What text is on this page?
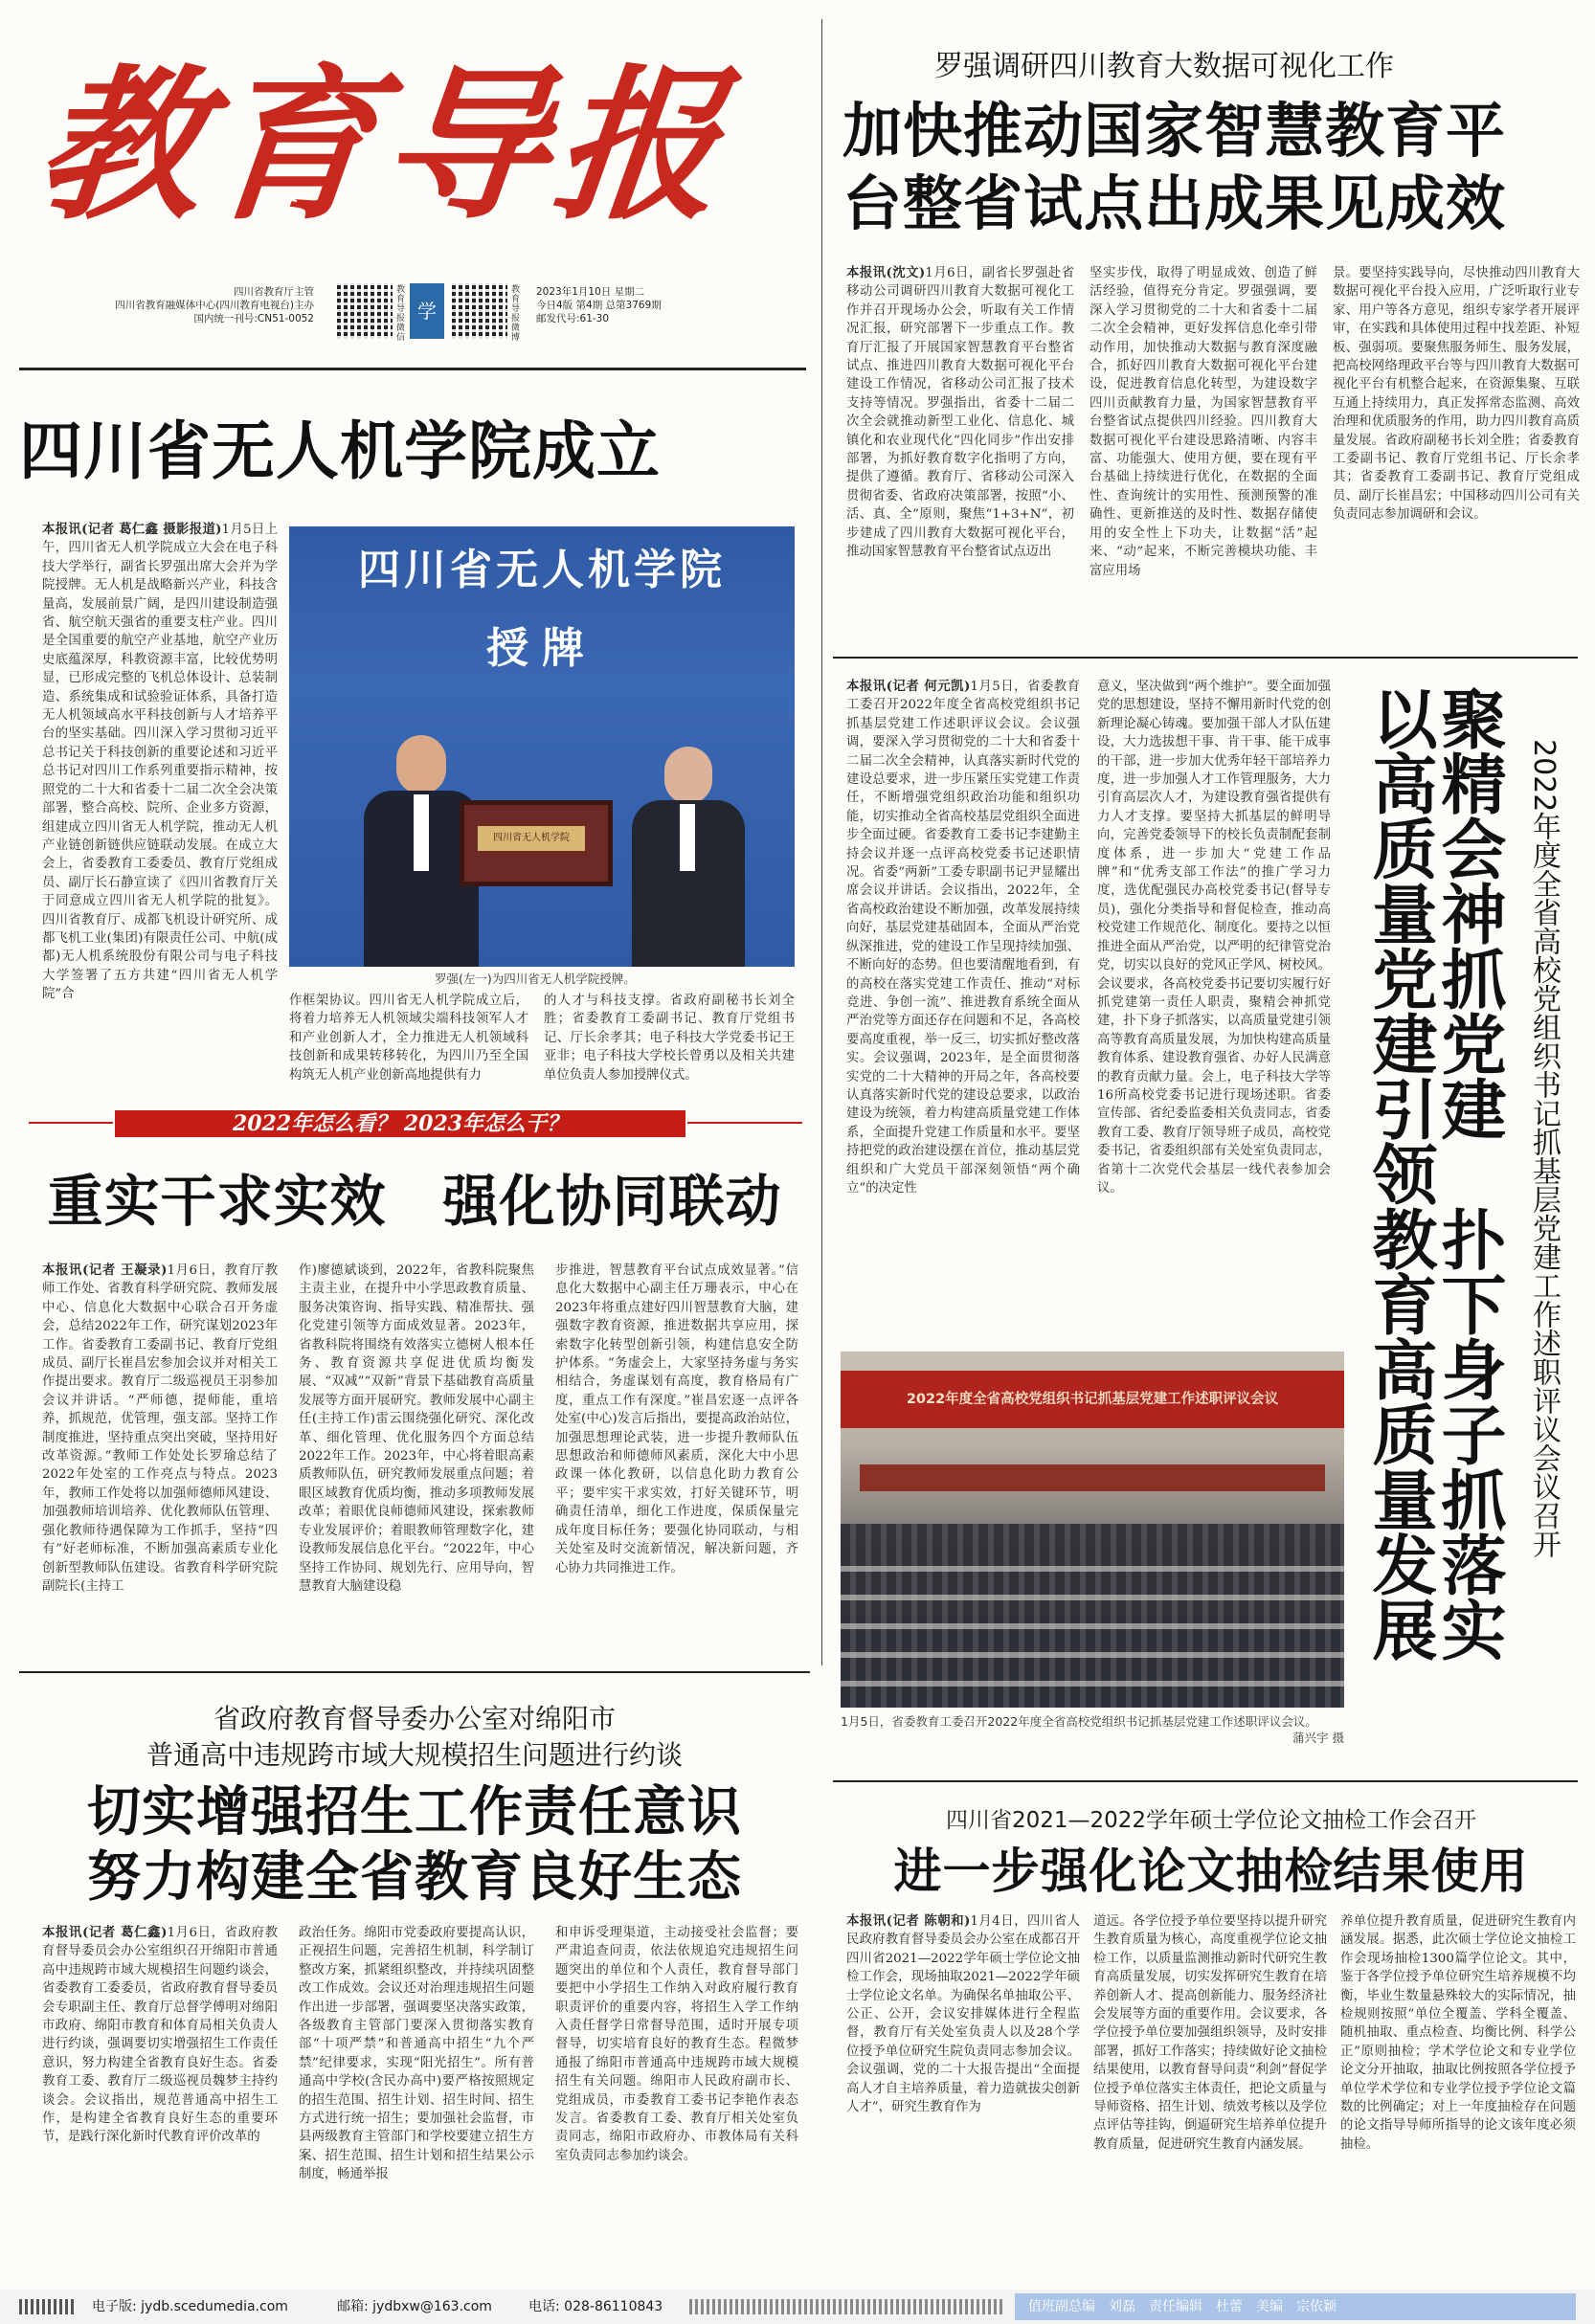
教育导报
四川省教育厅主管
四川省教育融媒体中心(四川教育电视台)主办
国内统一刊号:CN51-0052
教育导报微信
学
教育导报微博
2023年1月10日 星期二
今日4版 第4期 总第3769期
邮发代号:61-30
罗强调研四川教育大数据可视化工作
加快推动国家智慧教育平
台整省试点出成果见成效

本报讯(沈文)1月6日，副省长罗强赴省移动公司调研四川教育大数据可视化工作并召开现场办公会，听取有关工作情况汇报，研究部署下一步重点工作。教育厅汇报了开展国家智慧教育平台整省试点、推进四川教育大数据可视化平台建设工作情况，省移动公司汇报了技术支持等情况。罗强指出，省委十二届二次全会就推动新型工业化、信息化、城镇化和农业现代化“四化同步”作出安排部署，为抓好教育数字化指明了方向，提供了遵循。教育厅、省移动公司深入贯彻省委、省政府决策部署，按照“小、活、真、全”原则，聚焦“1+3+N”，初步建成了四川教育大数据可视化平台，推动国家智慧教育平台整省试点迈出

坚实步伐，取得了明显成效、创造了鲜活经验，值得充分肯定。罗强强调，要深入学习贯彻党的二十大和省委十二届二次全会精神，更好发挥信息化牵引带动作用，加快推动大数据与教育深度融合，抓好四川教育大数据可视化平台建设，促进教育信息化转型，为建设数字四川贡献教育力量，为国家智慧教育平台整省试点提供四川经验。四川教育大数据可视化平台建设思路清晰、内容丰富、功能强大、使用方便，要在现有平台基础上持续进行优化，在数据的全面性、查询统计的实用性、预测预警的准确性、更新推送的及时性、数据存储使用的安全性上下功夫，让数据“活”起来、“动”起来，不断完善模块功能、丰富应用场

景。要坚持实践导向，尽快推动四川教育大数据可视化平台投入应用，广泛听取行业专家、用户等各方意见，组织专家学者开展评审，在实践和具体使用过程中找差距、补短板、强弱项。要聚焦服务师生、服务发展，把高校网络理政平台等与四川教育大数据可视化平台有机整合起来，在资源集聚、互联互通上持续用力，真正发挥常态监测、高效治理和优质服务的作用，助力四川教育高质量发展。省政府副秘书长刘全胜；省委教育工委副书记、教育厅党组书记、厅长余孝其；省委教育工委副书记、教育厅党组成员、副厅长崔昌宏；中国移动四川公司有关负责同志参加调研和会议。

四川省无人机学院成立

本报讯(记者 葛仁鑫 摄影报道)1月5日上午，四川省无人机学院成立大会在电子科技大学举行，副省长罗强出席大会并为学院授牌。无人机是战略新兴产业，科技含量高，发展前景广阔，是四川建设制造强省、航空航天强省的重要支柱产业。四川是全国重要的航空产业基地，航空产业历史底蕴深厚，科教资源丰富，比较优势明显，已形成完整的飞机总体设计、总装制造、系统集成和试验验证体系，具备打造无人机领域高水平科技创新与人才培养平台的坚实基础。四川深入学习贯彻习近平总书记关于科技创新的重要论述和习近平总书记对四川工作系列重要指示精神，按照党的二十大和省委十二届二次全会决策部署，整合高校、院所、企业多方资源，组建成立四川省无人机学院，推动无人机产业链创新链供应链联动发展。在成立大会上，省委教育工委委员、教育厅党组成员、副厅长石静宣读了《四川省教育厅关于同意成立四川省无人机学院的批复》。四川省教育厅、成都飞机设计研究所、成都飞机工业(集团)有限责任公司、中航(成都)无人机系统股份有限公司与电子科技大学签署了五方共建“四川省无人机学院”合

四川省无人机学院
授牌
四川省无人机学院
罗强(左一)为四川省无人机学院授牌。

作框架协议。四川省无人机学院成立后，将着力培养无人机领域尖端科技领军人才和产业创新人才，全力推进无人机领域科技创新和成果转移转化，为四川乃至全国构筑无人机产业创新高地提供有力

的人才与科技支撑。省政府副秘书长刘全胜；省委教育工委副书记、教育厅党组书记、厅长余孝其；电子科技大学党委书记王亚非；电子科技大学校长曾勇以及相关共建单位负责人参加授牌仪式。

2022年怎么看？ 2023年怎么干？
重实干求实效　强化协同联动

本报讯(记者 王凝录)1月6日，教育厅教师工作处、省教育科学研究院、教师发展中心、信息化大数据中心联合召开务虚会，总结2022年工作，研究谋划2023年工作。省委教育工委副书记、教育厅党组成员、副厅长崔昌宏参加会议并对相关工作提出要求。教育厅二级巡视员王羽参加会议并讲话。“严师德，提师能，重培养，抓规范，优管理，强支部。坚持工作制度推进，坚持重点突出突破，坚持用好改革资源。”教师工作处处长罗瑜总结了2022年处室的工作亮点与特点。2023年，教师工作处将以加强师德师风建设、加强教师培训培养、优化教师队伍管理、强化教师待遇保障为工作抓手，坚持“四有”好老师标准，不断加强高素质专业化创新型教师队伍建设。省教育科学研究院副院长(主持工

作)廖德斌谈到，2022年，省教科院聚焦主责主业，在提升中小学思政教育质量、服务决策咨询、指导实践、精准帮扶、强化党建引领等方面成效显著。2023年，省教科院将围绕有效落实立德树人根本任务、教育资源共享促进优质均衡发展、“双减”“双新”背景下基础教育高质量发展等方面开展研究。教师发展中心副主任(主持工作)雷云围绕强化研究、深化改革、细化管理、优化服务四个方面总结2022年工作。2023年，中心将着眼高素质教师队伍，研究教师发展重点问题；着眼区域教育优质均衡，推动多项教师发展改革；着眼优良师德师风建设，探索教师专业发展评价；着眼教师管理数字化，建设教师发展信息化平台。“2022年，中心坚持工作协同、规划先行、应用导向，智慧教育大脑建设稳

步推进，智慧教育平台试点成效显著。”信息化大数据中心副主任万珊表示，中心在2023年将重点建好四川智慧教育大脑，建强数字教育资源，推进数据共享应用，探索数字化转型创新引领，构建信息安全防护体系。“务虚会上，大家坚持务虚与务实相结合，务虚谋划有高度，教育格局有广度，重点工作有深度。”崔昌宏逐一点评各处室(中心)发言后指出，要提高政治站位，加强思想理论武装，进一步提升教师队伍思想政治和师德师风素质，深化大中小思政课一体化教研，以信息化助力教育公平；要牢实干求实效，打好关键环节，明确责任清单，细化工作进度，保质保量完成年度目标任务；要强化协同联动，与相关处室及时交流新情况，解决新问题，齐心协力共同推进工作。

省政府教育督导委办公室对绵阳市
普通高中违规跨市域大规模招生问题进行约谈
切实增强招生工作责任意识
努力构建全省教育良好生态

本报讯(记者 葛仁鑫)1月6日，省政府教育督导委员会办公室组织召开绵阳市普通高中违规跨市域大规模招生问题约谈会，省委教育工委委员，省政府教育督导委员会专职副主任、教育厅总督学傅明对绵阳市政府、绵阳市教育和体育局相关负责人进行约谈，强调要切实增强招生工作责任意识，努力构建全省教育良好生态。省委教育工委、教育厅二级巡视员魏梦主持约谈会。会议指出，规范普通高中招生工作，是构建全省教育良好生态的重要环节，是践行深化新时代教育评价改革的

政治任务。绵阳市党委政府要提高认识，正视招生问题，完善招生机制，科学制订整改方案，抓紧组织整改，并持续巩固整改工作成效。会议还对治理违规招生问题作出进一步部署，强调要坚决落实政策，各级教育主管部门要深入贯彻落实教育部“十项严禁”和普通高中招生“九个严禁”纪律要求，实现“阳光招生”。所有普通高中学校(含民办高中)要严格按照规定的招生范围、招生计划、招生时间、招生方式进行统一招生；要加强社会监督，市县两级教育主管部门和学校要建立招生方案、招生范围、招生计划和招生结果公示制度，畅通举报

和申诉受理渠道，主动接受社会监督；要严肃追查问责，依法依规追究违规招生问题突出的单位和个人责任，教育督导部门要把中小学招生工作纳入对政府履行教育职责评价的重要内容，将招生入学工作纳入责任督学日常督导范围，适时开展专项督导，切实培育良好的教育生态。程微梦通报了绵阳市普通高中违规跨市域大规模招生有关问题。绵阳市人民政府副市长、党组成员，市委教育工委书记李艳作表态发言。省委教育工委、教育厅相关处室负责同志，绵阳市政府办、市教体局有关科室负责同志参加约谈会。

本报讯(记者 何元凯)1月5日，省委教育工委召开2022年度全省高校党组织书记抓基层党建工作述职评议会议。会议强调，要深入学习贯彻党的二十大和省委十二届二次全会精神，认真落实新时代党的建设总要求，进一步压紧压实党建工作责任，不断增强党组织政治功能和组织功能，切实推动全省高校基层党组织全面进步全面过硬。省委教育工委书记李建勤主持会议并逐一点评高校党委书记述职情况。省委“两新”工委专职副书记尹显耀出席会议并讲话。会议指出，2022年，全省高校政治建设不断加强，改革发展持续向好，基层党建基础固本，全面从严治党纵深推进，党的建设工作呈现持续加强、不断向好的态势。但也要清醒地看到，有的高校在落实党建工作责任、推动“对标竞进、争创一流”、推进教育系统全面从严治党等方面还存在问题和不足，各高校要高度重视，举一反三，切实抓好整改落实。会议强调，2023年，是全面贯彻落实党的二十大精神的开局之年，各高校要认真落实新时代党的建设总要求，以政治建设为统领，着力构建高质量党建工作体系，全面提升党建工作质量和水平。要坚持把党的政治建设摆在首位，推动基层党组织和广大党员干部深刻领悟“两个确立”的决定性

意义，坚决做到“两个维护”。要全面加强党的思想建设，坚持不懈用新时代党的创新理论凝心铸魂。要加强干部人才队伍建设，大力选拔想干事、肯干事、能干成事的干部，进一步加大优秀年轻干部培养力度，进一步加强人才工作管理服务，大力引育高层次人才，为建设教育强省提供有力人才支撑。要坚持大抓基层的鲜明导向，完善党委领导下的校长负责制配套制度体系，进一步加大“党建工作品牌”和“优秀支部工作法”的推广学习力度，选优配强民办高校党委书记(督导专员)，强化分类指导和督促检查，推动高校党建工作规范化、制度化。要持之以恒推进全面从严治党，以严明的纪律管党治党，切实以良好的党风正学风、树校风。会议要求，各高校党委书记要切实履行好抓党建第一责任人职责，聚精会神抓党建，扑下身子抓落实，以高质量党建引领高等教育高质量发展，为加快构建高质量教育体系、建设教育强省、办好人民满意的教育贡献力量。会上，电子科技大学等16所高校党委书记进行现场述职。省委宣传部、省纪委监委相关负责同志，省委教育工委、教育厅领导班子成员，高校党委书记，省委组织部有关处室负责同志，省第十二次党代会基层一线代表参加会议。	聚精会神抓党建　扑下身子抓落实
以高质量党建引领教育高质量发展	2022年度全省高校党组织书记抓基层党建工作述职评议会议召开
2022年度全省高校党组织书记抓基层党建工作述职评议会议
1月5日，省委教育工委召开2022年度全省高校党组织书记抓基层党建工作述职评议会议。
蒲兴宇 摄
四川省2021—2022学年硕士学位论文抽检工作会召开
进一步强化论文抽检结果使用

本报讯(记者 陈朝和)1月4日，四川省人民政府教育督导委员会办公室在成都召开四川省2021—2022学年硕士学位论文抽检工作会，现场抽取2021—2022学年硕士学位论文名单。为确保名单抽取公平、公正、公开，会议安排媒体进行全程监督，教育厅有关处室负责人以及28个学位授予单位研究生院负责同志参加会议。会议强调，党的二十大报告提出“全面提高人才自主培养质量，着力造就拔尖创新人才”，研究生教育作为

道远。各学位授予单位要坚持以提升研究生教育质量为核心，高度重视学位论文抽检工作，以质量监测推动新时代研究生教育高质量发展，切实发挥研究生教育在培养创新人才、提高创新能力、服务经济社会发展等方面的重要作用。会议要求，各学位授予单位要加强组织领导，及时安排部署，抓好工作落实；持续做好论文抽检结果使用，以教育督导问责“利剑”督促学位授予单位落实主体责任，把论文质量与导师资格、招生计划、绩效考核以及学位点评估等挂钩，倒逼研究生培养单位提升教育质量，促进研究生教育内涵发展。

养单位提升教育质量，促进研究生教育内涵发展。据悉，此次硕士学位论文抽检工作会现场抽检1300篇学位论文。其中，鉴于各学位授予单位研究生培养规模不均衡，毕业生数量悬殊较大的实际情况，抽检规则按照“单位全覆盖、学科全覆盖、随机抽取、重点检查、均衡比例、科学公正”原则抽检；学术学位论文和专业学位论文分开抽取，抽取比例按照各学位授予单位学术学位和专业学位授予学位论文篇数的比例确定；对上一年度抽检存在问题的论文指导导师所指导的论文该年度必须抽检。

电子版: jydb.scedumedia.com	邮箱: jydbxw@163.com	电话: 028-86110843	值班副总编　刘磊　责任编辑　杜蕾　美编　宗依颖
